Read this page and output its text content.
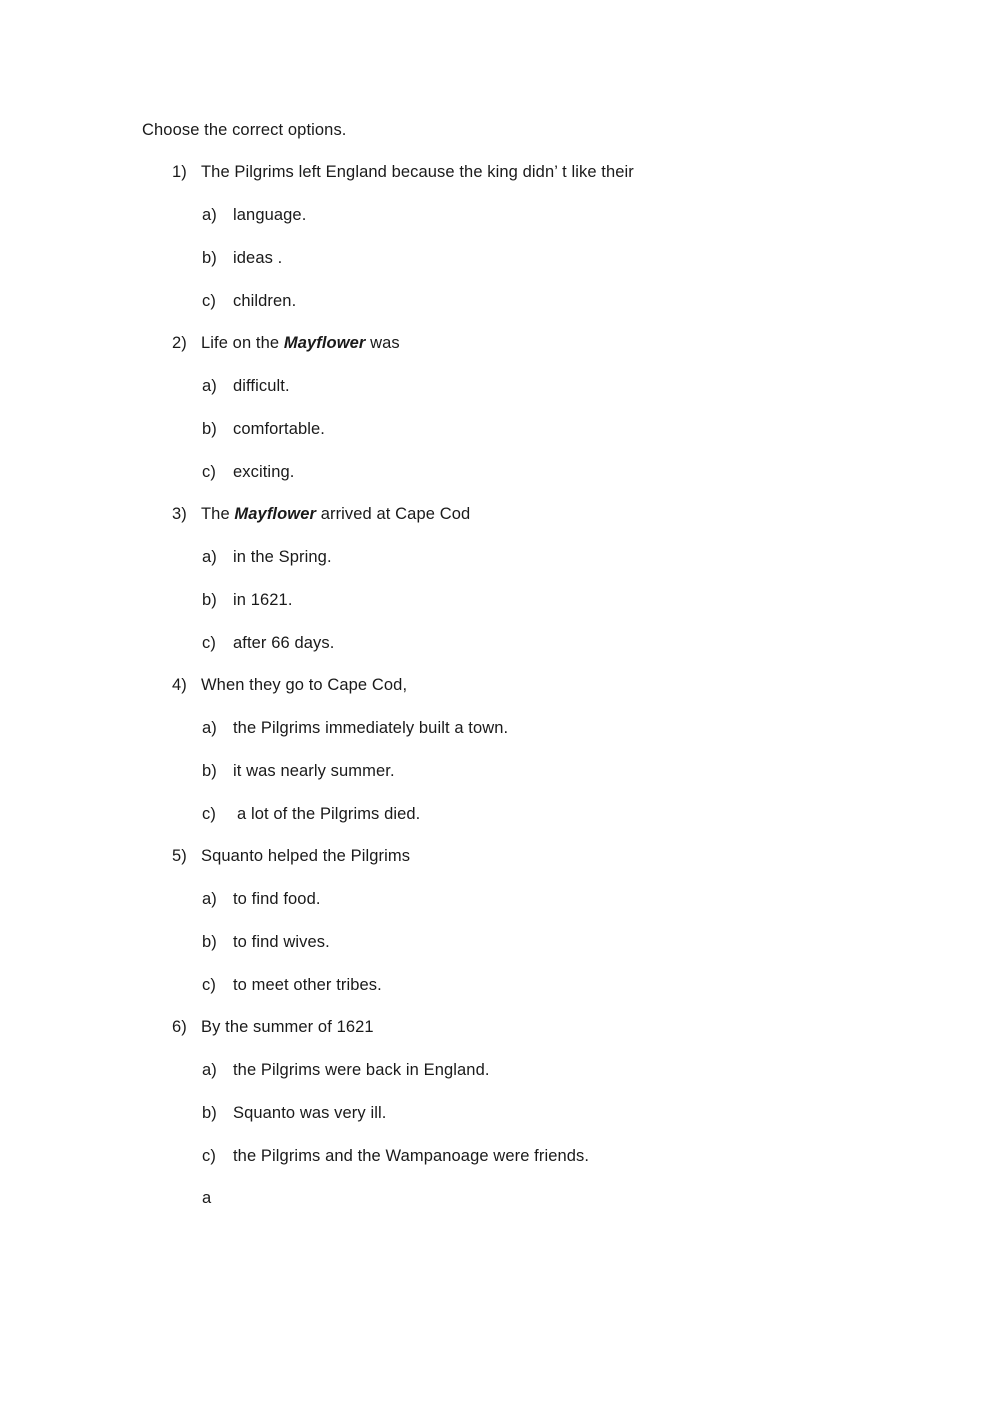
Choose the correct options.
1) The Pilgrims left England because the king didn’ t like their
a) language.
b) ideas .
c) children.
2) Life on the Mayflower was
a) difficult.
b) comfortable.
c) exciting.
3) The Mayflower arrived at Cape Cod
a) in the Spring.
b) in 1621.
c) after 66 days.
4) When they go to Cape Cod,
a) the Pilgrims immediately built a town.
b) it was nearly summer.
c) a lot of the Pilgrims died.
5) Squanto helped the Pilgrims
a) to find food.
b) to find wives.
c) to meet other tribes.
6) By the summer of 1621
a) the Pilgrims were back in England.
b) Squanto was very ill.
c) the Pilgrims and the Wampanoage were friends.
a
